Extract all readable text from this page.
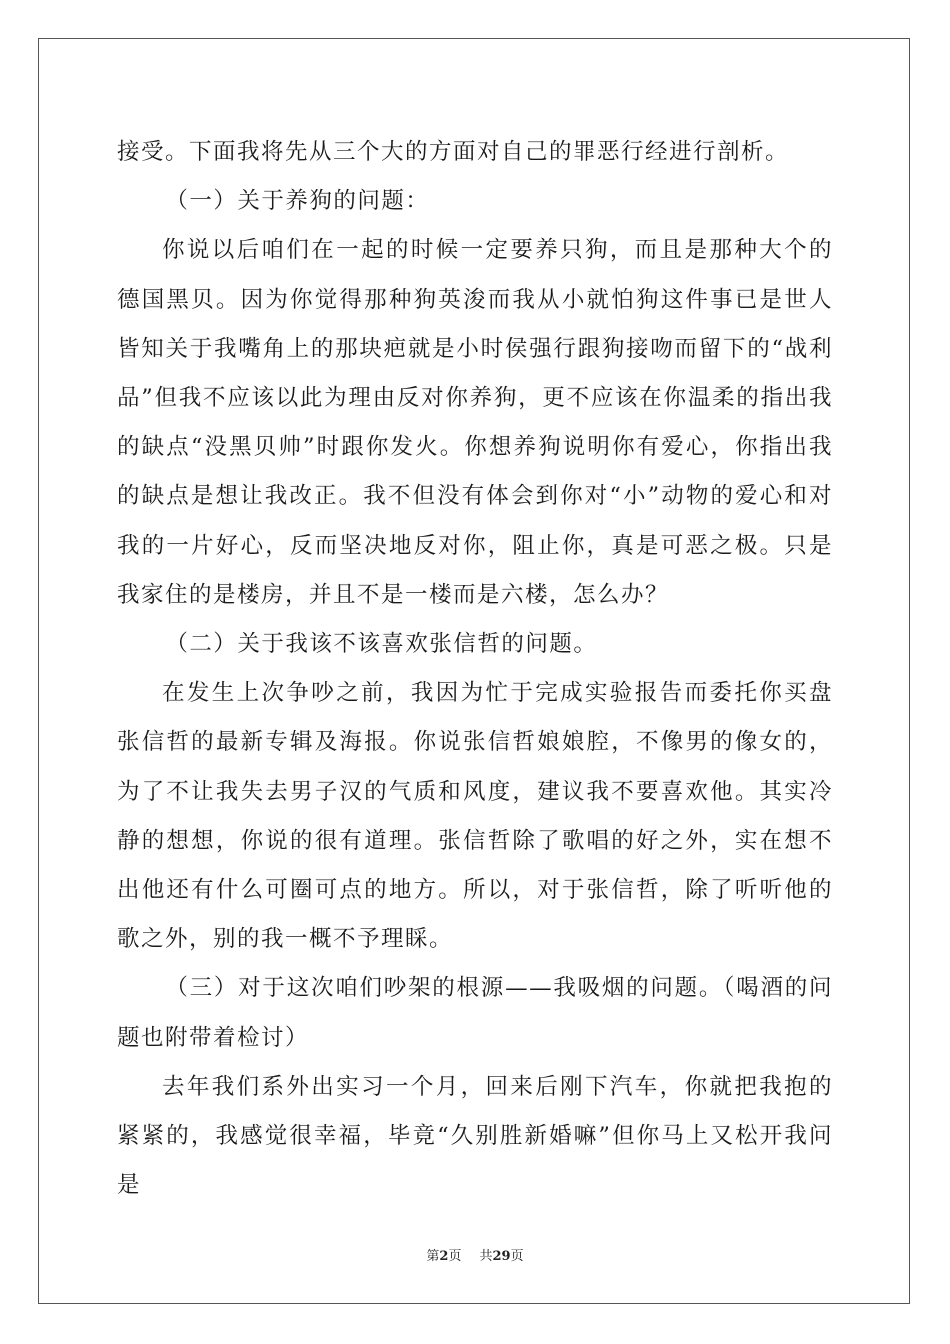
接受。下面我将先从三个大的方面对自己的罪恶行经进行剖析。

（一）关于养狗的问题：

你说以后咱们在一起的时候一定要养只狗，而且是那种大个的德国黑贝。因为你觉得那种狗英浚而我从小就怕狗这件事已是世人皆知关于我嘴角上的那块疤就是小时侯强行跟狗接吻而留下的“战利品”但我不应该以此为理由反对你养狗，更不应该在你温柔的指出我的缺点“没黑贝帅”时跟你发火。你想养狗说明你有爱心，你指出我的缺点是想让我改正。我不但没有体会到你对“小”动物的爱心和对我的一片好心，反而坚决地反对你，阻止你，真是可恶之极。只是我家住的是楼房，并且不是一楼而是六楼，怎么办？

（二）关于我该不该喜欢张信哲的问题。

在发生上次争吵之前，我因为忙于完成实验报告而委托你买盘张信哲的最新专辑及海报。你说张信哲娘娘腔，不像男的像女的，为了不让我失去男子汉的气质和风度，建议我不要喜欢他。其实冷静的想想，你说的很有道理。张信哲除了歌唱的好之外，实在想不出他还有什么可圈可点的地方。所以，对于张信哲，除了听听他的歌之外，别的我一概不予理睬。

（三）对于这次咱们吵架的根源——我吸烟的问题。（喝酒的问题也附带着检讨）

去年我们系外出实习一个月，回来后刚下汽车，你就把我抱的紧紧的，我感觉很幸福，毕竟“久别胜新婚嘛”但你马上又松开我问是

第2页 共29页
